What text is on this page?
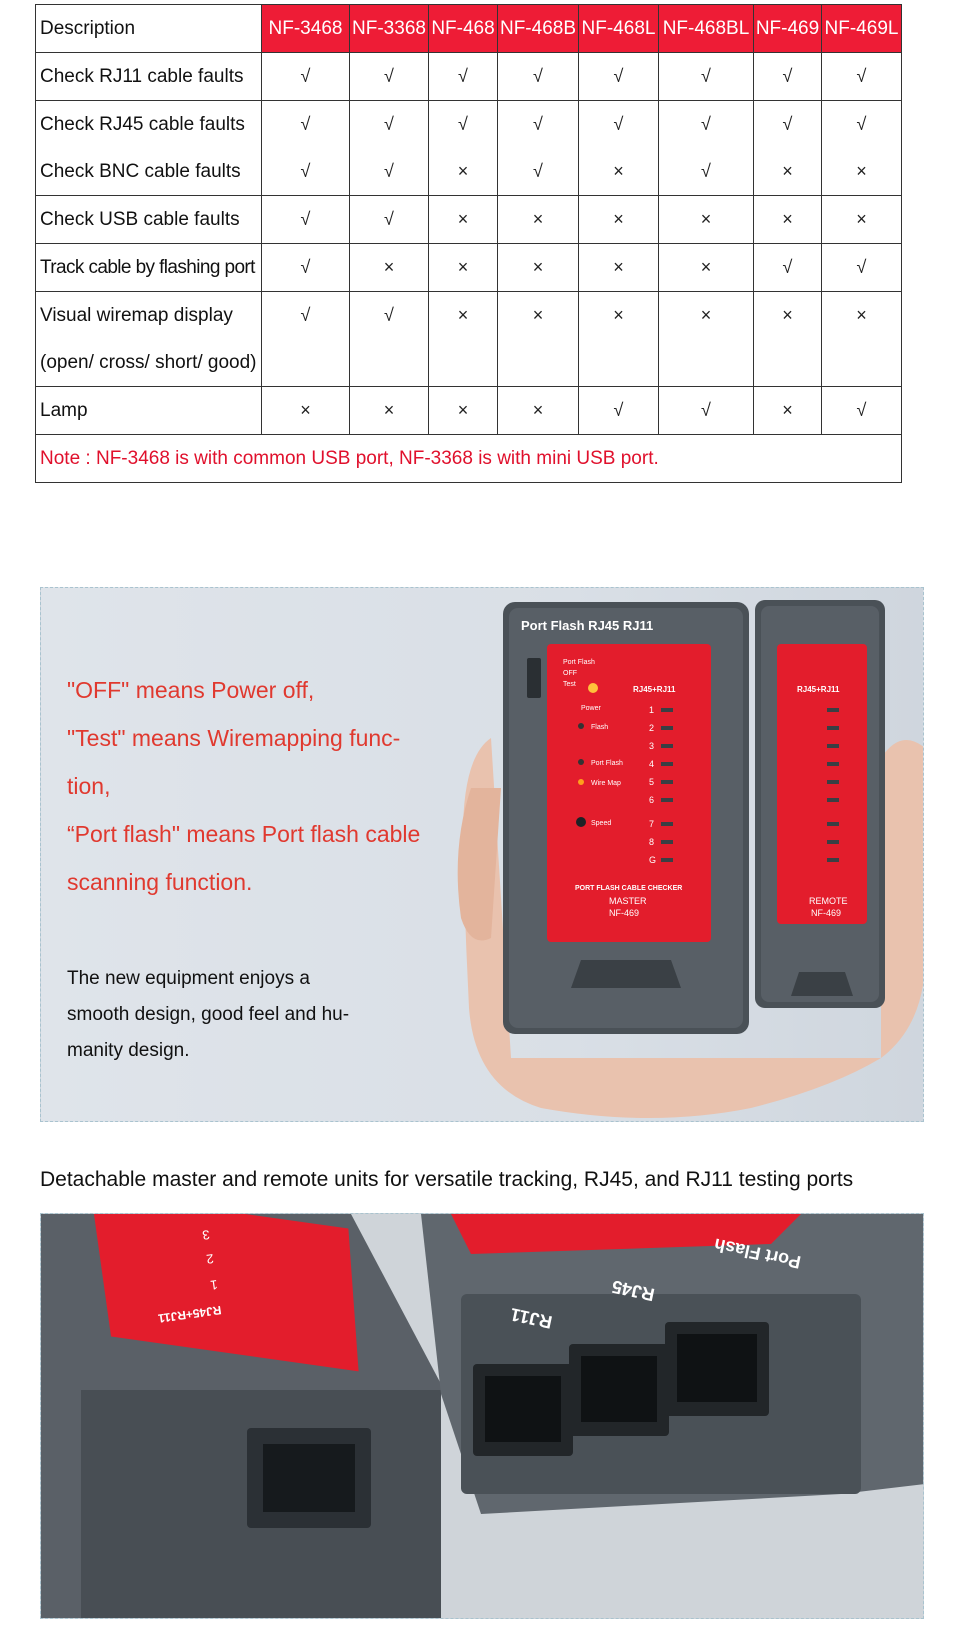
Description	NF-3468	NF-3368	NF-468	NF-468B	NF-468L	NF-468BL	NF-469	NF-469L
Check RJ11 cable faults	√	√	√	√	√	√	√	√
Check RJ45 cable faults	√	√	√	√	√	√	√	√
Check BNC cable faults	√	√	×	√	×	√	×	×
Check USB cable faults	√	√	×	×	×	×	×	×
Track cable by flashing port	√	×	×	×	×	×	√	√
Visual wiremap display	√	√	×	×	×	×	×	×
(open/ cross/ short/ good)								
Lamp	×	×	×	×	√	√	×	√
Note : NF-3468 is with common USB port, NF-3368 is with mini USB port.								
"OFF" means Power off,
"Test" means Wiremapping func-
tion,
“Port flash" means Port flash cable
scanning function.
The new equipment enjoys a
smooth design, good feel and hu-
manity design.
Port Flash RJ45 RJ11
Port Flash
OFF
Test
Power
Flash
Port Flash
Wire Map
Speed
RJ45+RJ11
1
2
3
4
5
6
7
8
G
PORT FLASH CABLE CHECKER
MASTER
NF-469
RJ45+RJ11
REMOTE
NF-469
Detachable master and remote units for versatile tracking, RJ45, and RJ11 testing ports
RJ45+RJ11
1
2
3
RJ11
RJ45
Port Flash
